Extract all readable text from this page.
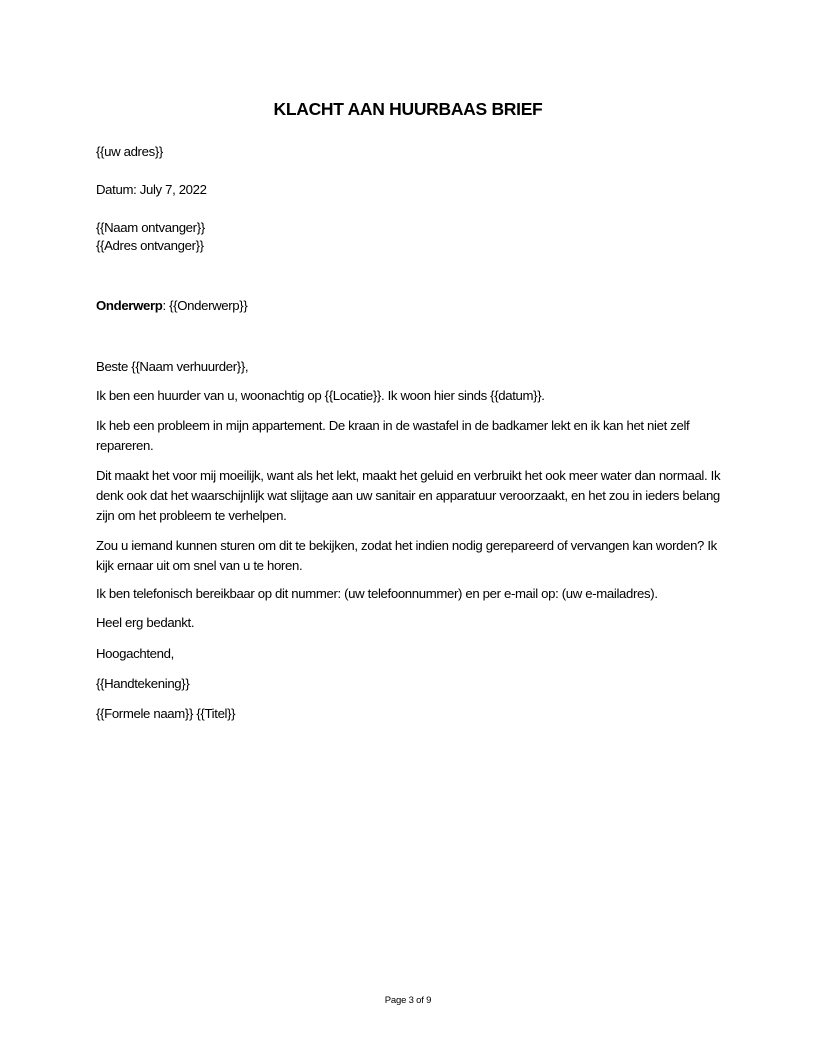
KLACHT AAN HUURBAAS BRIEF
{{uw adres}}
Datum: July 7, 2022
{{Naam ontvanger}}
{{Adres ontvanger}}
Onderwerp: {{Onderwerp}}
Beste {{Naam verhuurder}},
Ik ben een huurder van u, woonachtig op {{Locatie}}. Ik woon hier sinds {{datum}}.
Ik heb een probleem in mijn appartement. De kraan in de wastafel in de badkamer lekt en ik kan het niet zelf repareren.
Dit maakt het voor mij moeilijk, want als het lekt, maakt het geluid en verbruikt het ook meer water dan normaal. Ik denk ook dat het waarschijnlijk wat slijtage aan uw sanitair en apparatuur veroorzaakt, en het zou in ieders belang zijn om het probleem te verhelpen.
Zou u iemand kunnen sturen om dit te bekijken, zodat het indien nodig gerepareerd of vervangen kan worden? Ik kijk ernaar uit om snel van u te horen.
Ik ben telefonisch bereikbaar op dit nummer: (uw telefoonnummer) en per e-mail op: (uw e-mailadres).
Heel erg bedankt.
Hoogachtend,
{{Handtekening}}
{{Formele naam}} {{Titel}}
Page 3 of 9
